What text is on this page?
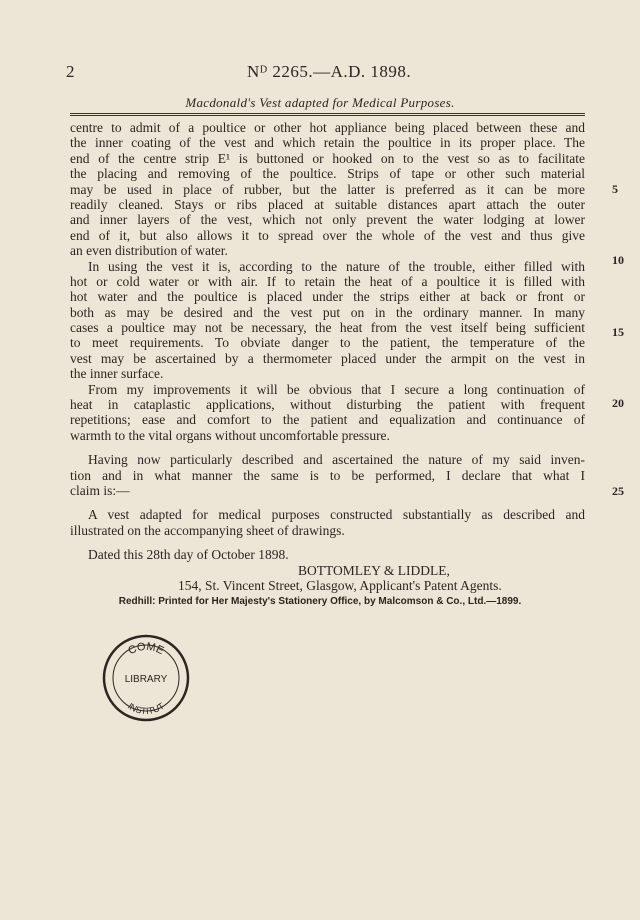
2	Nᴰ 2265.—A.D. 1898.
Macdonald's Vest adapted for Medical Purposes.
centre to admit of a poultice or other hot appliance being placed between these and
the inner coating of the vest and which retain the poultice in its proper place. The
end of the centre strip E¹ is buttoned or hooked on to the vest so as to facilitate
the placing and removing of the poultice. Strips of tape or other such material
may be used in place of rubber, but the latter is preferred as it can be more
readily cleaned. Stays or ribs placed at suitable distances apart attach the outer
and inner layers of the vest, which not only prevent the water lodging at lower
end of it, but also allows it to spread over the whole of the vest and thus give
an even distribution of water.
In using the vest it is, according to the nature of the trouble, either filled with
hot or cold water or with air. If to retain the heat of a poultice it is filled with
hot water and the poultice is placed under the strips either at back or front or
both as may be desired and the vest put on in the ordinary manner. In many
cases a poultice may not be necessary, the heat from the vest itself being sufficient
to meet requirements. To obviate danger to the patient, the temperature of the
vest may be ascertained by a thermometer placed under the armpit on the vest in
the inner surface.
From my improvements it will be obvious that I secure a long continuation of
heat in cataplastic applications, without disturbing the patient with frequent
repetitions; ease and comfort to the patient and equalization and continuance of
warmth to the vital organs without uncomfortable pressure.
Having now particularly described and ascertained the nature of my said inven-
tion and in what manner the same is to be performed, I declare that what I
claim is:—
A vest adapted for medical purposes constructed substantially as described and
illustrated on the accompanying sheet of drawings.
Dated this 28th day of October 1898.
BOTTOMLEY & LIDDLE,
154, St. Vincent Street, Glasgow, Applicant's Patent Agents.
5
10
15
20
25
Redhill: Printed for Her Majesty's Stationery Office, by Malcomson & Co., Ltd.—1899.
COME
LIBRARY
INSTITUT
